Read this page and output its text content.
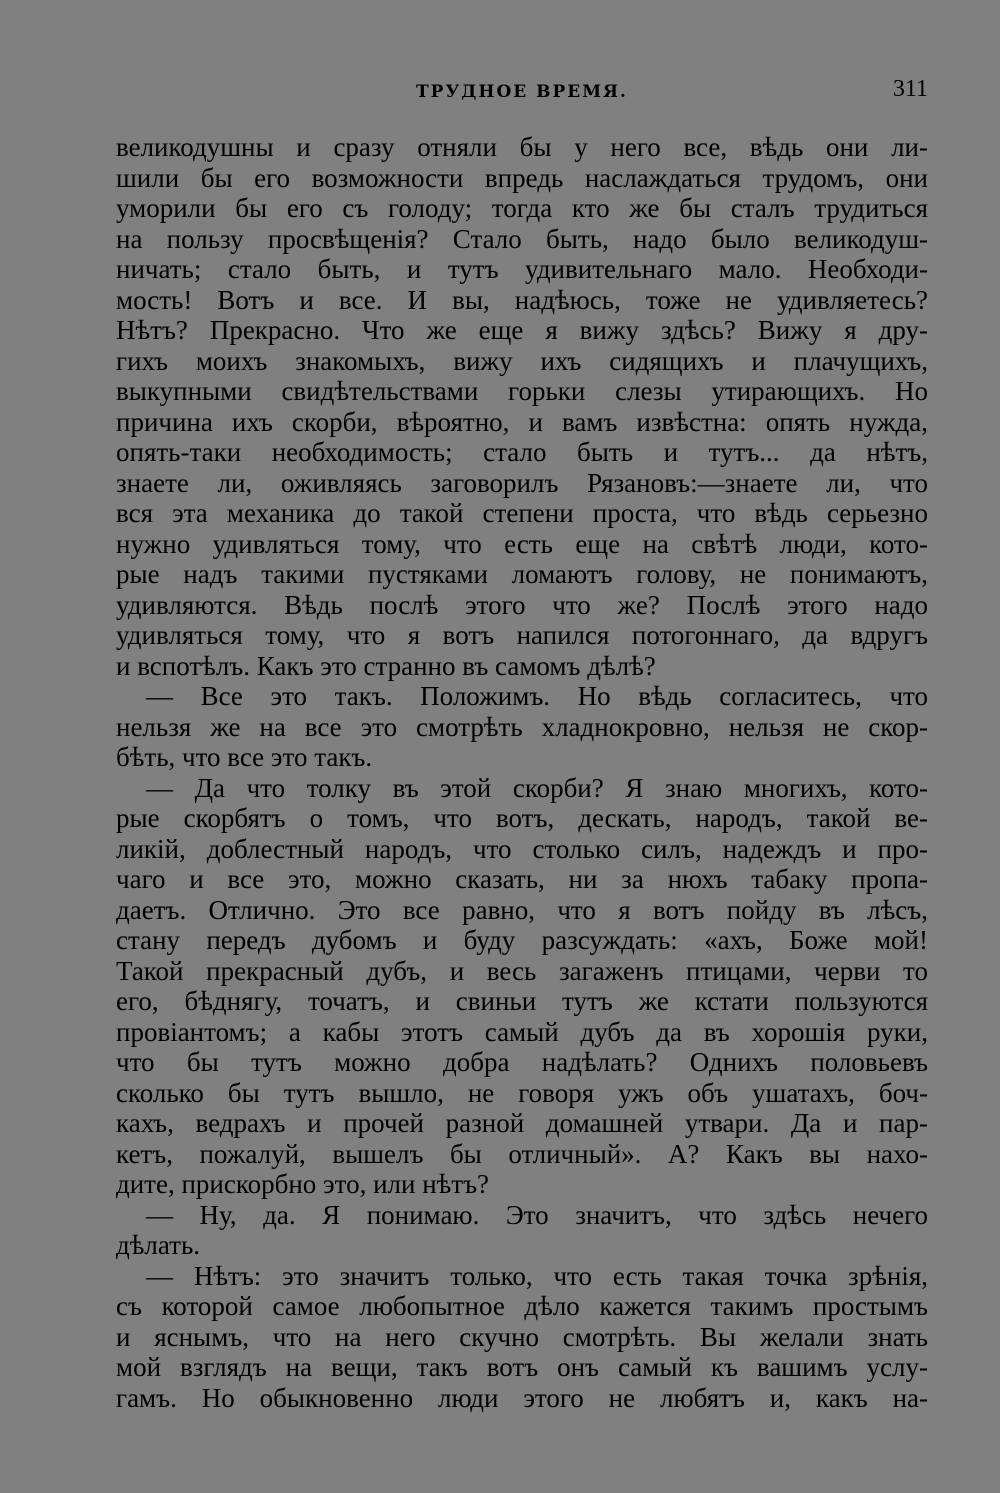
ТРУДНОЕ ВРЕМЯ.	311
великодушны и сразу отняли бы у него все, вѣдь они ли-
шили бы его возможности впредь наслаждаться трудомъ, они
уморили бы его съ голоду; тогда кто же бы сталъ трудиться
на пользу просвѣщенія? Стало быть, надо было великодуш-
ничать; стало быть, и тутъ удивительнаго мало. Необходи-
мость! Вотъ и все. И вы, надѣюсь, тоже не удивляетесь?
Нѣтъ? Прекрасно. Что же еще я вижу здѣсь? Вижу я дру-
гихъ моихъ знакомыхъ, вижу ихъ сидящихъ и плачущихъ,
выкупными свидѣтельствами горьки слезы утирающихъ. Но
причина ихъ скорби, вѣроятно, и вамъ извѣстна: опять нужда,
опять-таки необходимость; стало быть и тутъ... да нѣтъ,
знаете ли, оживляясь заговорилъ Рязановъ:—знаете ли, что
вся эта механика до такой степени проста, что вѣдь серьезно
нужно удивляться тому, что есть еще на свѣтѣ люди, кото-
рые надъ такими пустяками ломаютъ голову, не понимаютъ,
удивляются. Вѣдь послѣ этого что же? Послѣ этого надо
удивляться тому, что я вотъ напился потогоннаго, да вдругъ
и вспотѣлъ. Какъ это странно въ самомъ дѣлѣ?
— Все это такъ. Положимъ. Но вѣдь согласитесь, что
нельзя же на все это смотрѣть хладнокровно, нельзя не скор-
бѣть, что все это такъ.
— Да что толку въ этой скорби? Я знаю многихъ, кото-
рые скорбятъ о томъ, что вотъ, дескать, народъ, такой ве-
ликій, доблестный народъ, что столько силъ, надеждъ и про-
чаго и все это, можно сказать, ни за нюхъ табаку пропа-
даетъ. Отлично. Это все равно, что я вотъ пойду въ лѣсъ,
стану передъ дубомъ и буду разсуждать: «ахъ, Боже мой!
Такой прекрасный дубъ, и весь загаженъ птицами, черви то
его, бѣднягу, точатъ, и свиньи тутъ же кстати пользуются
провіантомъ; а кабы этотъ самый дубъ да въ хорошія руки,
что бы тутъ можно добра надѣлать? Однихъ половьевъ
сколько бы тутъ вышло, не говоря ужъ объ ушатахъ, боч-
кахъ, ведрахъ и прочей разной домашней утвари. Да и пар-
кетъ, пожалуй, вышелъ бы отличный». А? Какъ вы нахо-
дите, прискорбно это, или нѣтъ?
— Ну, да. Я понимаю. Это значитъ, что здѣсь нечего
дѣлать.
— Нѣтъ: это значитъ только, что есть такая точка зрѣнія,
съ которой самое любопытное дѣло кажется такимъ простымъ
и яснымъ, что на него скучно смотрѣть. Вы желали знать
мой взглядъ на вещи, такъ вотъ онъ самый къ вашимъ услу-
гамъ. Но обыкновенно люди этого не любятъ и, какъ на-
